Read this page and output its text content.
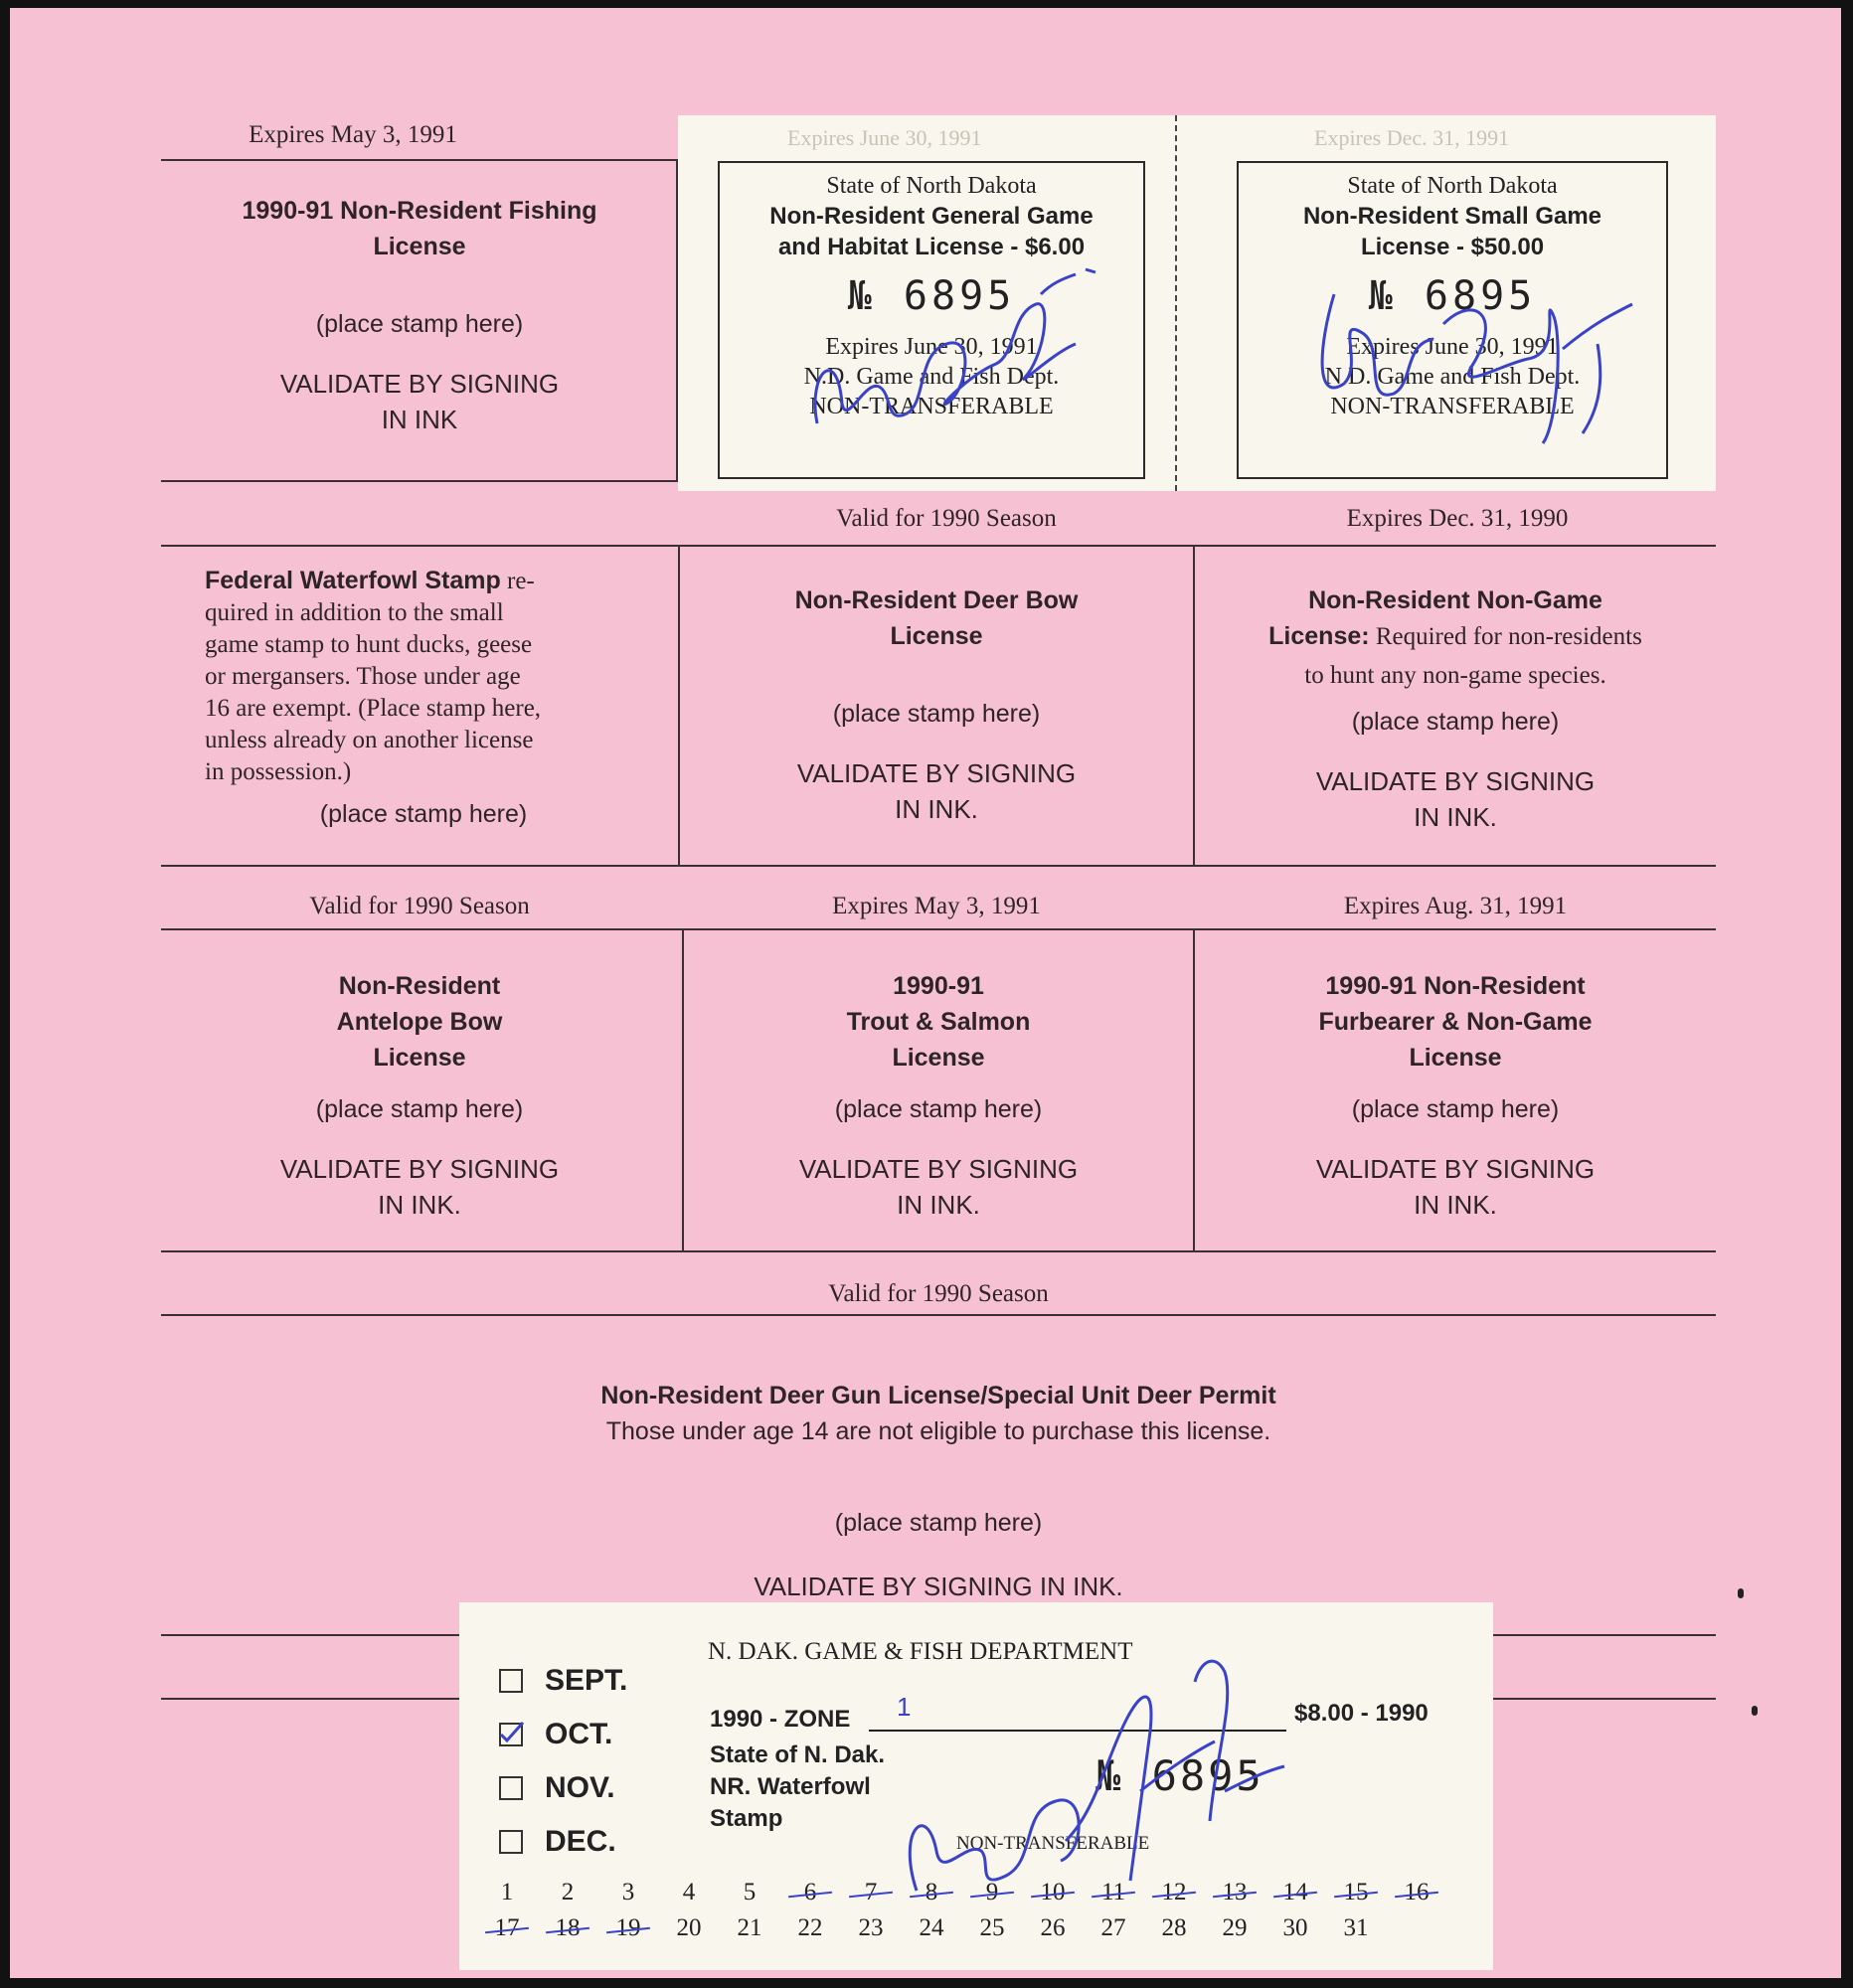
Expires May 3, 1991
1990-91 Non-Resident Fishing
License
(place stamp here)
VALIDATE BY SIGNING
IN INK
Expires June 30, 1991	Expires Dec. 31, 1991
State of North Dakota
Non-Resident General Game
and Habitat License - $6.00
№ 6895
Expires June 30, 1991
N.D. Game and Fish Dept.
NON-TRANSFERABLE
State of North Dakota
Non-Resident Small Game
License - $50.00
№ 6895
Expires June 30, 1991
N.D. Game and Fish Dept.
NON-TRANSFERABLE
Valid for 1990 Season	Expires Dec. 31, 1990
Federal Waterfowl Stamp re-
quired in addition to the small
game stamp to hunt ducks, geese
or mergansers. Those under age
16 are exempt. (Place stamp here,
unless already on another license
in possession.)
(place stamp here)
Non-Resident Deer Bow
License
(place stamp here)
VALIDATE BY SIGNING
IN INK.
Non-Resident Non-Game
License: Required for non-residents
to hunt any non-game species.
(place stamp here)
VALIDATE BY SIGNING
IN INK.
Valid for 1990 Season	Expires May 3, 1991	Expires Aug. 31, 1991
Non-Resident
Antelope Bow
License
(place stamp here)
VALIDATE BY SIGNING
IN INK.
1990-91
Trout & Salmon
License
(place stamp here)
VALIDATE BY SIGNING
IN INK.
1990-91 Non-Resident
Furbearer & Non-Game
License
(place stamp here)
VALIDATE BY SIGNING
IN INK.
Valid for 1990 Season
Non-Resident Deer Gun License/Special Unit Deer Permit
Those under age 14 are not eligible to purchase this license.
(place stamp here)
VALIDATE BY SIGNING IN INK.
N. DAK. GAME & FISH DEPARTMENT
SEPT.
OCT.
NOV.
DEC.
1990 - ZONE 1	$8.00 - 1990
State of N. Dak.
NR. Waterfowl
Stamp
№ 6895
NON-TRANSFERABLE
1	2	3	4	5	6	7	8	9	10	11	12	13	14	15	16
17	18	19	20	21	22	23	24	25	26	27	28	29	30	31
